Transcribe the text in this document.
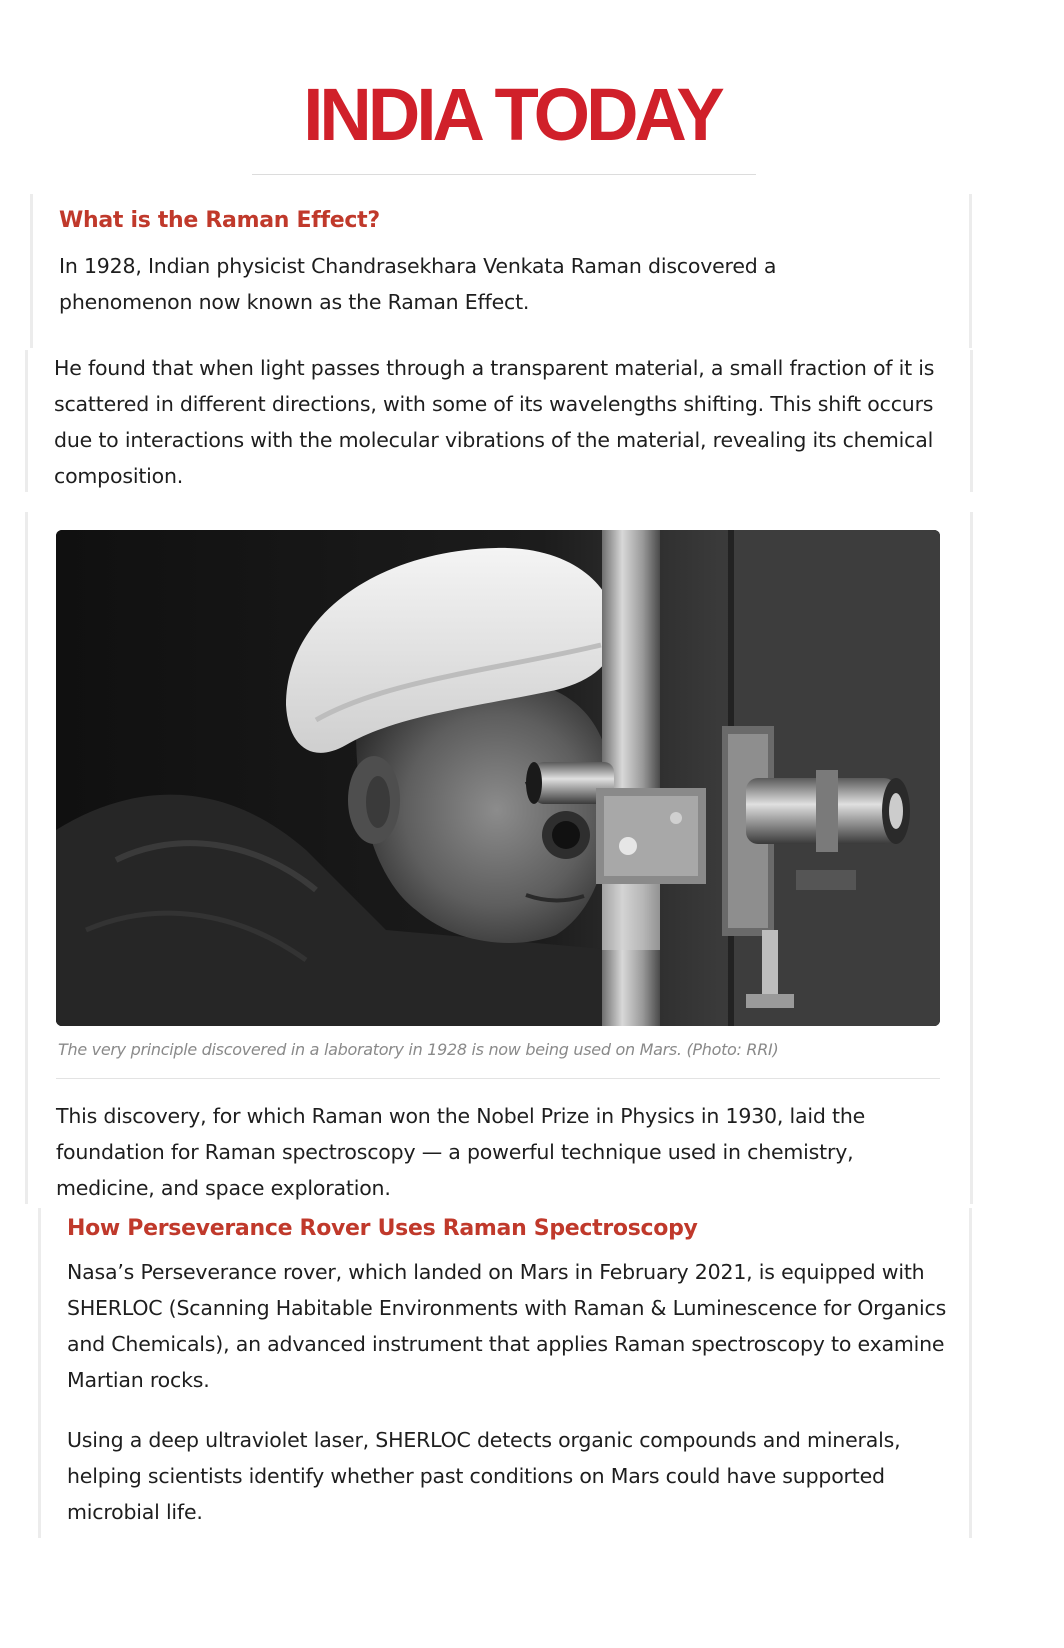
INDIA TODAY
What is the Raman Effect?

In 1928, Indian physicist Chandrasekhara Venkata Raman discovered a phenomenon now known as the Raman Effect.

He found that when light passes through a transparent material, a small fraction of it is scattered in different directions, with some of its wavelengths shifting. This shift occurs due to interactions with the molecular vibrations of the material, revealing its chemical composition.

The very principle discovered in a laboratory in 1928 is now being used on Mars. (Photo: RRI)

This discovery, for which Raman won the Nobel Prize in Physics in 1930, laid the foundation for Raman spectroscopy — a powerful technique used in chemistry, medicine, and space exploration.

How Perseverance Rover Uses Raman Spectroscopy

Nasa’s Perseverance rover, which landed on Mars in February 2021, is equipped with SHERLOC (Scanning Habitable Environments with Raman & Luminescence for Organics and Chemicals), an advanced instrument that applies Raman spectroscopy to examine Martian rocks.

Using a deep ultraviolet laser, SHERLOC detects organic compounds and minerals, helping scientists identify whether past conditions on Mars could have supported microbial life.
